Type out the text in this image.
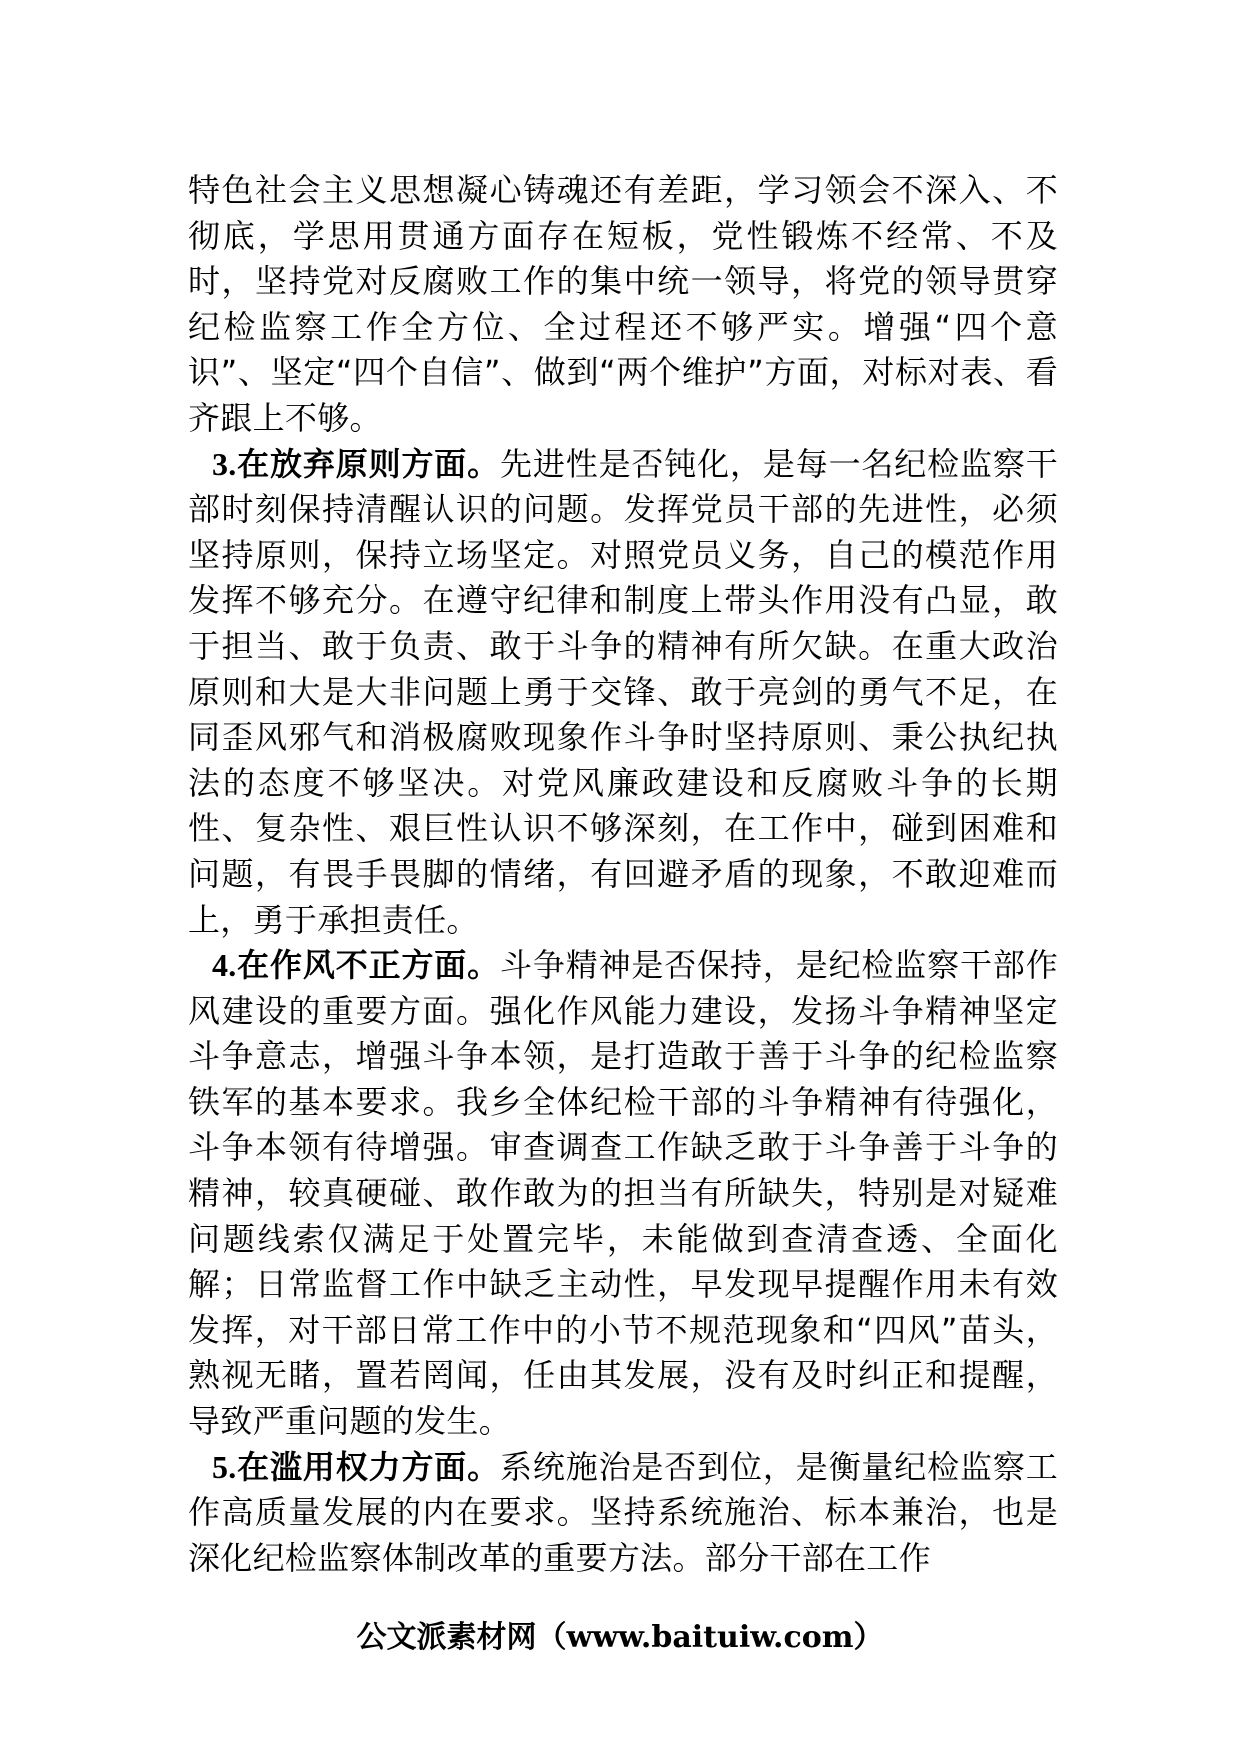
特色社会主义思想凝心铸魂还有差距，学习领会不深入、不彻底，学思用贯通方面存在短板，党性锻炼不经常、不及时，坚持党对反腐败工作的集中统一领导，将党的领导贯穿纪检监察工作全方位、全过程还不够严实。增强“四个意识”、坚定“四个自信”、做到“两个维护”方面，对标对表、看齐跟上不够。

3.在放弃原则方面。先进性是否钝化，是每一名纪检监察干部时刻保持清醒认识的问题。发挥党员干部的先进性，必须坚持原则，保持立场坚定。对照党员义务，自己的模范作用发挥不够充分。在遵守纪律和制度上带头作用没有凸显，敢于担当、敢于负责、敢于斗争的精神有所欠缺。在重大政治原则和大是大非问题上勇于交锋、敢于亮剑的勇气不足，在同歪风邪气和消极腐败现象作斗争时坚持原则、秉公执纪执法的态度不够坚决。对党风廉政建设和反腐败斗争的长期性、复杂性、艰巨性认识不够深刻，在工作中，碰到困难和问题，有畏手畏脚的情绪，有回避矛盾的现象，不敢迎难而上，勇于承担责任。

4.在作风不正方面。斗争精神是否保持，是纪检监察干部作风建设的重要方面。强化作风能力建设，发扬斗争精神坚定斗争意志，增强斗争本领，是打造敢于善于斗争的纪检监察铁军的基本要求。我乡全体纪检干部的斗争精神有待强化，斗争本领有待增强。审查调查工作缺乏敢于斗争善于斗争的精神，较真硬碰、敢作敢为的担当有所缺失，特别是对疑难问题线索仅满足于处置完毕，未能做到查清查透、全面化解；日常监督工作中缺乏主动性，早发现早提醒作用未有效发挥，对干部日常工作中的小节不规范现象和“四风”苗头，熟视无睹，置若罔闻，任由其发展，没有及时纠正和提醒，导致严重问题的发生。

5.在滥用权力方面。系统施治是否到位，是衡量纪检监察工作高质量发展的内在要求。坚持系统施治、标本兼治，也是深化纪检监察体制改革的重要方法。部分干部在工作

公文派素材网（www.baituiw.com）
